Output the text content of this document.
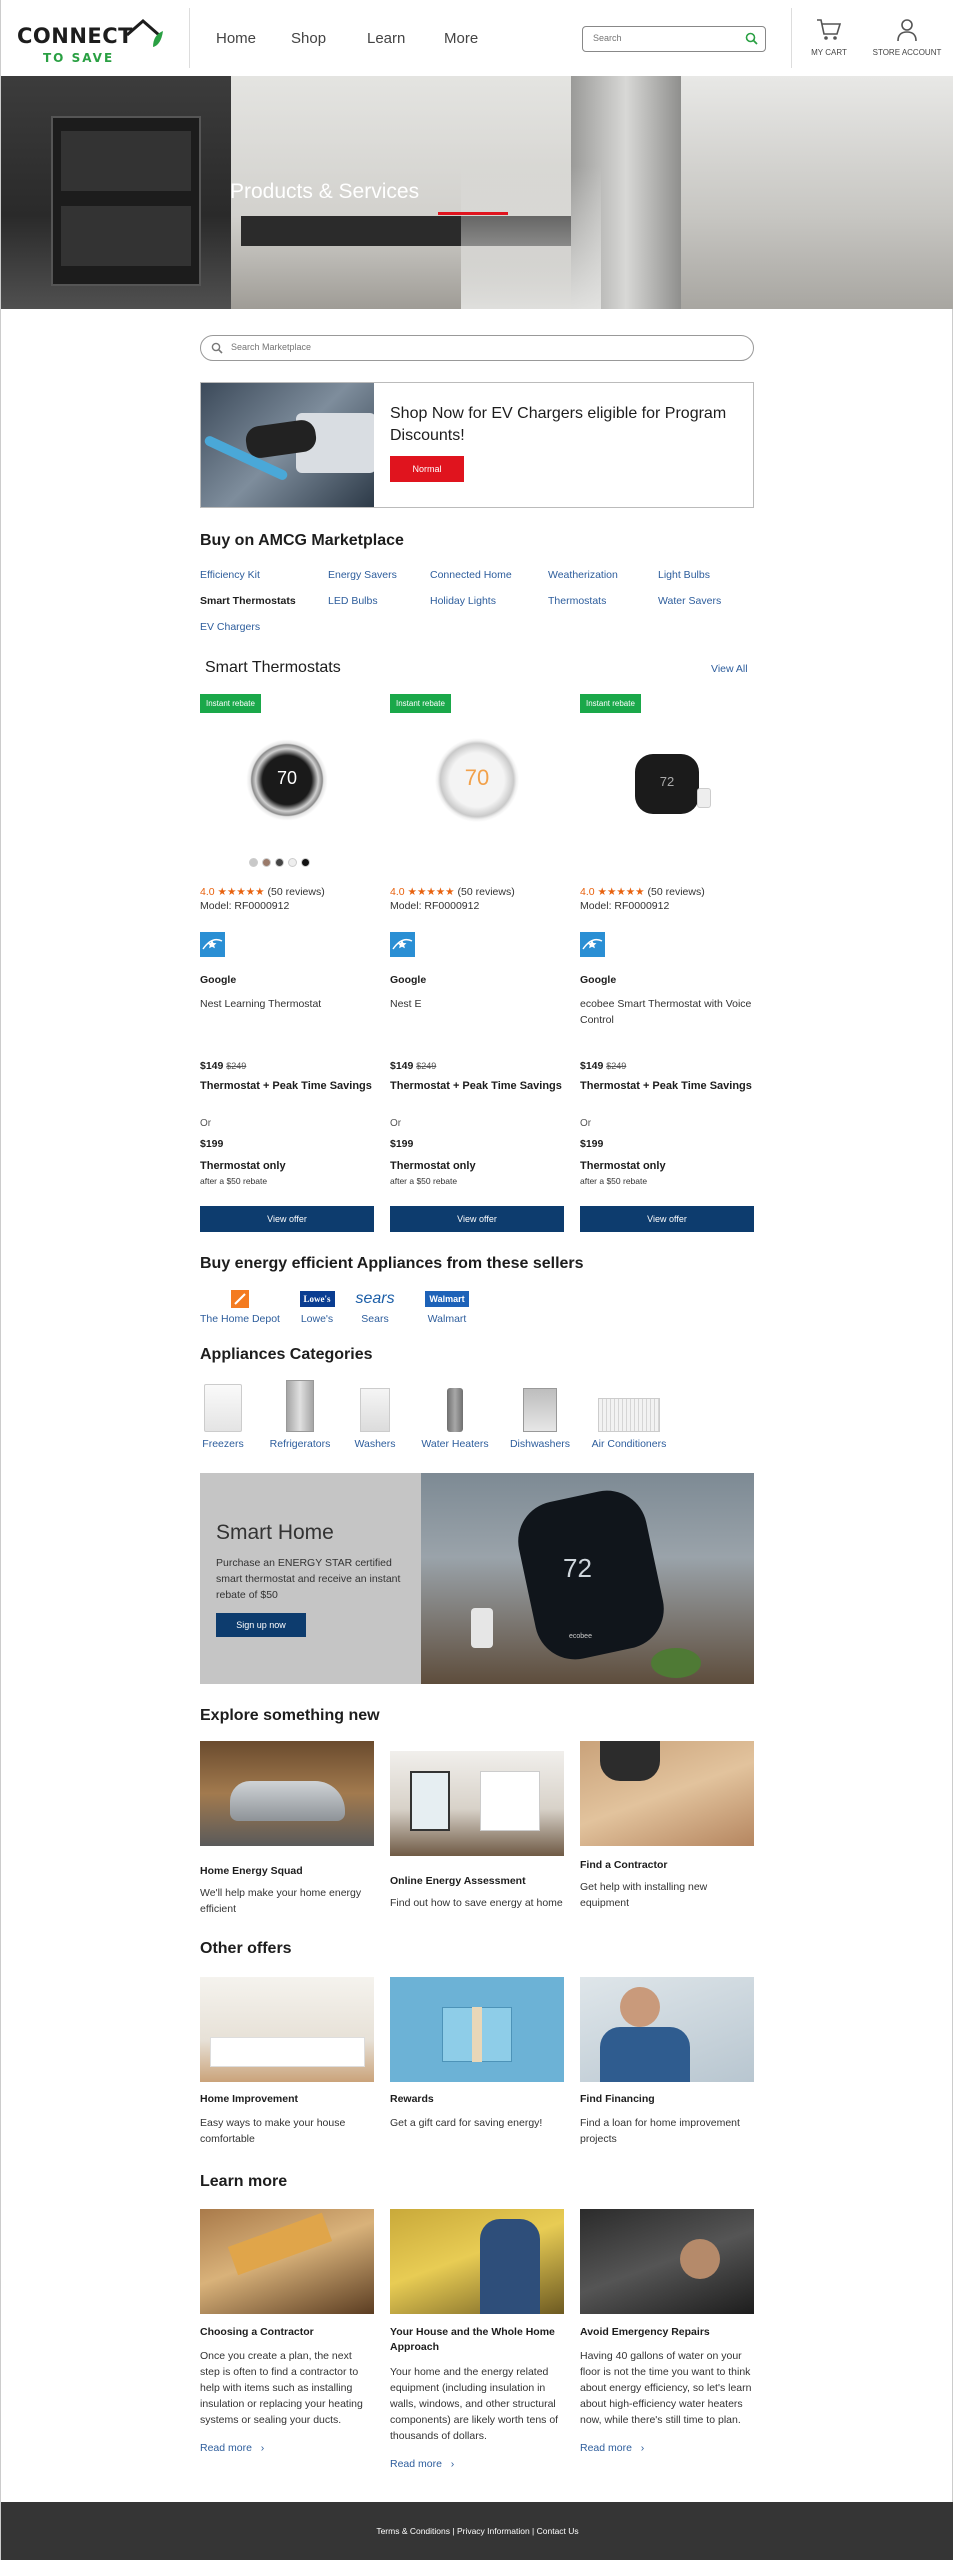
CONNECT
TO SAVE
Home Shop	Learn	More
Search
MY CART	STORE ACCOUNT
Products & Services
Search Marketplace
Shop Now for EV Chargers eligible for Program Discounts!
Normal
Buy on AMCG Marketplace
Efficiency Kit	Energy Savers	Connected Home	Weatherization	Light Bulbs
Smart Thermostats	LED Bulbs	Holiday Lights	Thermostats	Water Savers
EV Chargers
Smart Thermostats	View All
Instant rebate
70
4.0 ★★★★★ (50 reviews)
Model: RF0000912
Google
Nest Learning Thermostat
$149 $249
Thermostat + Peak Time Savings
Or
$199
Thermostat only
after a $50 rebate
View offer
Instant rebate
70
4.0 ★★★★★ (50 reviews)
Model: RF0000912
Google
Nest E
$149 $249
Thermostat + Peak Time Savings
Or
$199
Thermostat only
after a $50 rebate
View offer
Instant rebate
72
4.0 ★★★★★ (50 reviews)
Model: RF0000912
Google
ecobee Smart Thermostat with Voice Control
$149 $249
Thermostat + Peak Time Savings
Or
$199
Thermostat only
after a $50 rebate
View offer
Buy energy efficient Appliances from these sellers
The Home Depot
Lowe's
Lowe's
sears
Sears
Walmart
Walmart
Appliances Categories
Freezers Refrigerators Washers Water Heaters Dishwashers Air Conditioners
Smart Home
Purchase an ENERGY STAR certified smart thermostat and receive an instant rebate of $50
Sign up now
72
ecobee
Explore something new
Home Energy Squad
We'll help make your home energy efficient
Online Energy Assessment
Find out how to save energy at home
Find a Contractor
Get help with installing new equipment
Other offers
Home Improvement
Easy ways to make your house comfortable
Rewards
Get a gift card for saving energy!
Find Financing
Find a loan for home improvement projects
Learn more
Choosing a Contractor
Once you create a plan, the next step is often to find a contractor to help with items such as installing insulation or replacing your heating systems or sealing your ducts.
Read more ›
Your House and the Whole Home Approach
Your home and the energy related equipment (including insulation in walls, windows, and other structural components) are likely worth tens of thousands of dollars.
Read more ›
Avoid Emergency Repairs
Having 40 gallons of water on your floor is not the time you want to think about energy efficiency, so let's learn about high-efficiency water heaters now, while there's still time to plan.
Read more ›
Terms & Conditions | Privacy Information | Contact Us
